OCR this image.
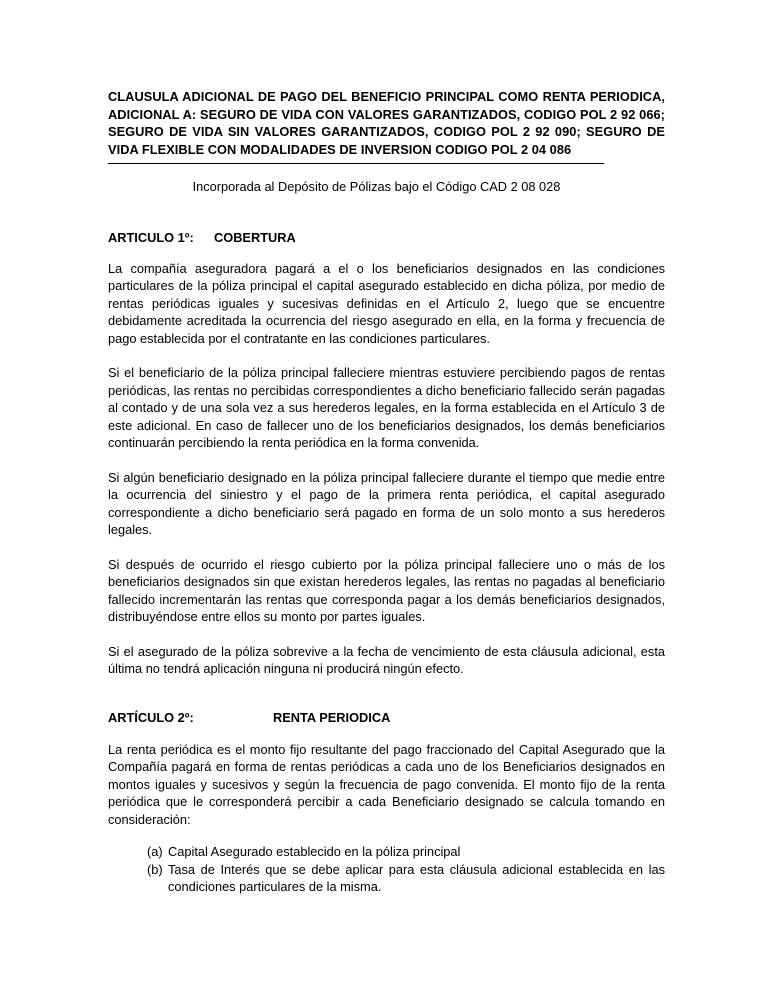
CLAUSULA ADICIONAL DE PAGO DEL BENEFICIO PRINCIPAL COMO RENTA PERIODICA, ADICIONAL A: SEGURO DE VIDA CON VALORES GARANTIZADOS, CODIGO POL 2 92 066; SEGURO DE VIDA SIN VALORES GARANTIZADOS, CODIGO POL 2 92 090; SEGURO DE VIDA FLEXIBLE CON MODALIDADES DE INVERSION CODIGO POL 2 04 086
Incorporada al Depósito de Pólizas bajo el Código CAD 2 08 028
ARTICULO 1º: COBERTURA

La compañía aseguradora pagará a el o los beneficiarios designados en las condiciones particulares de la póliza principal el capital asegurado establecido en dicha póliza, por medio de rentas periódicas iguales y sucesivas definidas en el Artículo 2, luego que se encuentre debidamente acreditada la ocurrencia del riesgo asegurado en ella, en la forma y frecuencia de pago establecida por el contratante en las condiciones particulares.

Si el beneficiario de la póliza principal falleciere mientras estuviere percibiendo pagos de rentas periódicas, las rentas no percibidas correspondientes a dicho beneficiario fallecido serán pagadas al contado y de una sola vez a sus herederos legales, en la forma establecida en el Artículo 3 de este adicional. En caso de fallecer uno de los beneficiarios designados, los demás beneficiarios continuarán percibiendo la renta periódica en la forma convenida.

Si algún beneficiario designado en la póliza principal falleciere durante el tiempo que medie entre la ocurrencia del siniestro y el pago de la primera renta periódica, el capital asegurado correspondiente a dicho beneficiario será pagado en forma de un solo monto a sus herederos legales.

Si después de ocurrido el riesgo cubierto por la póliza principal falleciere uno o más de los beneficiarios designados sin que existan herederos legales, las rentas no pagadas al beneficiario fallecido incrementarán las rentas que corresponda pagar a los demás beneficiarios designados, distribuyéndose entre ellos su monto por partes iguales.

Si el asegurado de la póliza sobrevive a la fecha de vencimiento de esta cláusula adicional, esta última no tendrá aplicación ninguna ni producirá ningún efecto.

ARTÍCULO 2º:	RENTA PERIODICA

La renta periódica es el monto fijo resultante del pago fraccionado del Capital Asegurado que la Compañía pagará en forma de rentas periódicas a cada uno de los Beneficiarios designados en montos iguales y sucesivos y según la frecuencia de pago convenida. El monto fijo de la renta periódica que le corresponderá percibir a cada Beneficiario designado se calcula tomando en consideración:

(a) Capital Asegurado establecido en la póliza principal
(b) Tasa de Interés que se debe aplicar para esta cláusula adicional establecida en las condiciones particulares de la misma.
